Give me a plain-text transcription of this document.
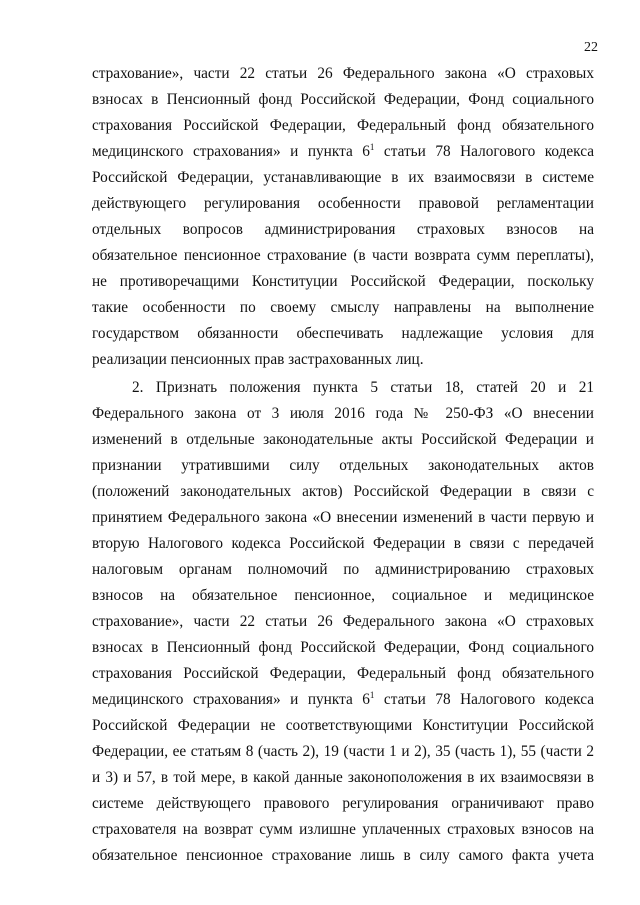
22
страхование», части 22 статьи 26 Федерального закона «О страховых
взносах в Пенсионный фонд Российской Федерации, Фонд социального
страхования Российской Федерации, Федеральный фонд обязательного
медицинского страхования» и пункта $6^1$ статьи 78 Налогового кодекса
Российской Федерации, устанавливающие в их взаимосвязи в системе
действующего регулирования особенности правовой регламентации
отдельных вопросов администрирования страховых взносов на
обязательное пенсионное страхование (в части возврата сумм переплаты),
не противоречащими Конституции Российской Федерации, поскольку
такие особенности по своему смыслу направлены на выполнение
государством обязанности обеспечивать надлежащие условия для
реализации пенсионных прав застрахованных лиц.
2. Признать положения пункта 5 статьи 18, статей 20 и 21
Федерального закона от 3 июля 2016 года № 250-ФЗ «О внесении
изменений в отдельные законодательные акты Российской Федерации и
признании утратившими силу отдельных законодательных актов
(положений законодательных актов) Российской Федерации в связи с
принятием Федерального закона «О внесении изменений в части первую и
вторую Налогового кодекса Российской Федерации в связи с передачей
налоговым органам полномочий по администрированию страховых
взносов на обязательное пенсионное, социальное и медицинское
страхование», части 22 статьи 26 Федерального закона «О страховых
взносах в Пенсионный фонд Российской Федерации, Фонд социального
страхования Российской Федерации, Федеральный фонд обязательного
медицинского страхования» и пункта $6^1$ статьи 78 Налогового кодекса
Российской Федерации не соответствующими Конституции Российской
Федерации, ее статьям 8 (часть 2), 19 (части 1 и 2), 35 (часть 1), 55 (части 2
и 3) и 57, в той мере, в какой данные законоположения в их взаимосвязи в
системе действующего правового регулирования ограничивают право
страхователя на возврат сумм излишне уплаченных страховых взносов на
обязательное пенсионное страхование лишь в силу самого факта учета
